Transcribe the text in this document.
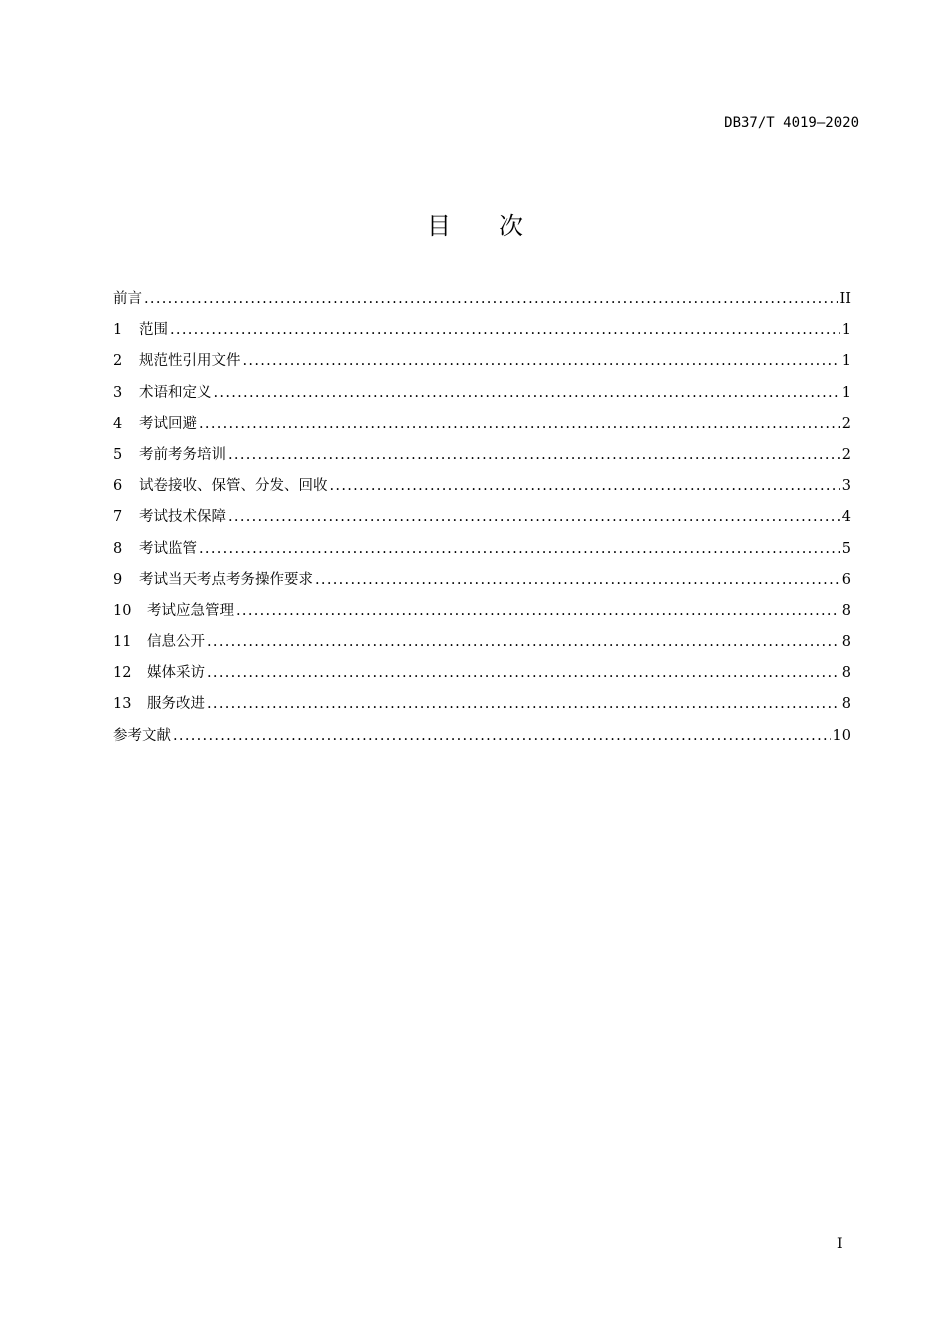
DB37/T 4019—2020
目次
前言 .....	II
1	范围 .....	1
2	规范性引用文件 .....	1
3	术语和定义 .....	1
4	考试回避 .....	2
5	考前考务培训 .....	2
6	试卷接收、保管、分发、回收 .....	3
7	考试技术保障 .....	4
8	考试监管 .....	5
9	考试当天考点考务操作要求 .....	6
10	考试应急管理 .....	8
11	信息公开 .....	8
12	媒体采访 .....	8
13	服务改进 .....	8
参考文献 .....	10
I
